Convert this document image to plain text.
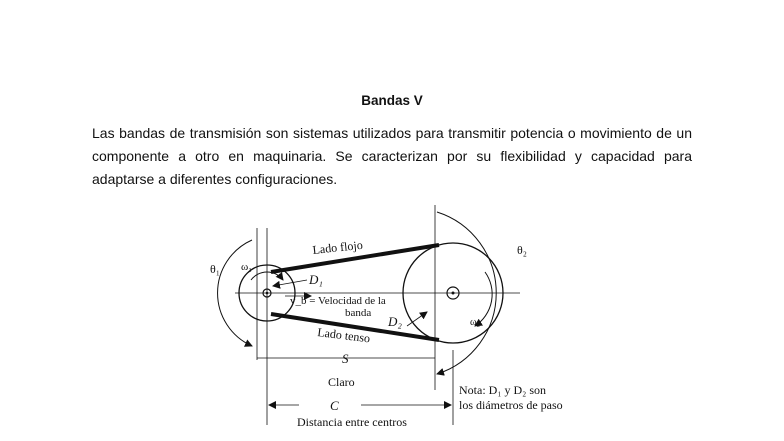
Bandas V
Las bandas de transmisión son sistemas utilizados para transmitir potencia o movimiento de un componente a otro en maquinaria. Se caracterizan por su flexibilidad y capacidad para adaptarse a diferentes configuraciones.
θ₁ ω₁
Lado flojo
D₁
v_b = Velocidad de la
banda
D₂
Lado tenso
θ₂
ω₂
S
Claro
C
Distancia entre centros
Nota: D₁ y D₂ son
los diámetros de paso
